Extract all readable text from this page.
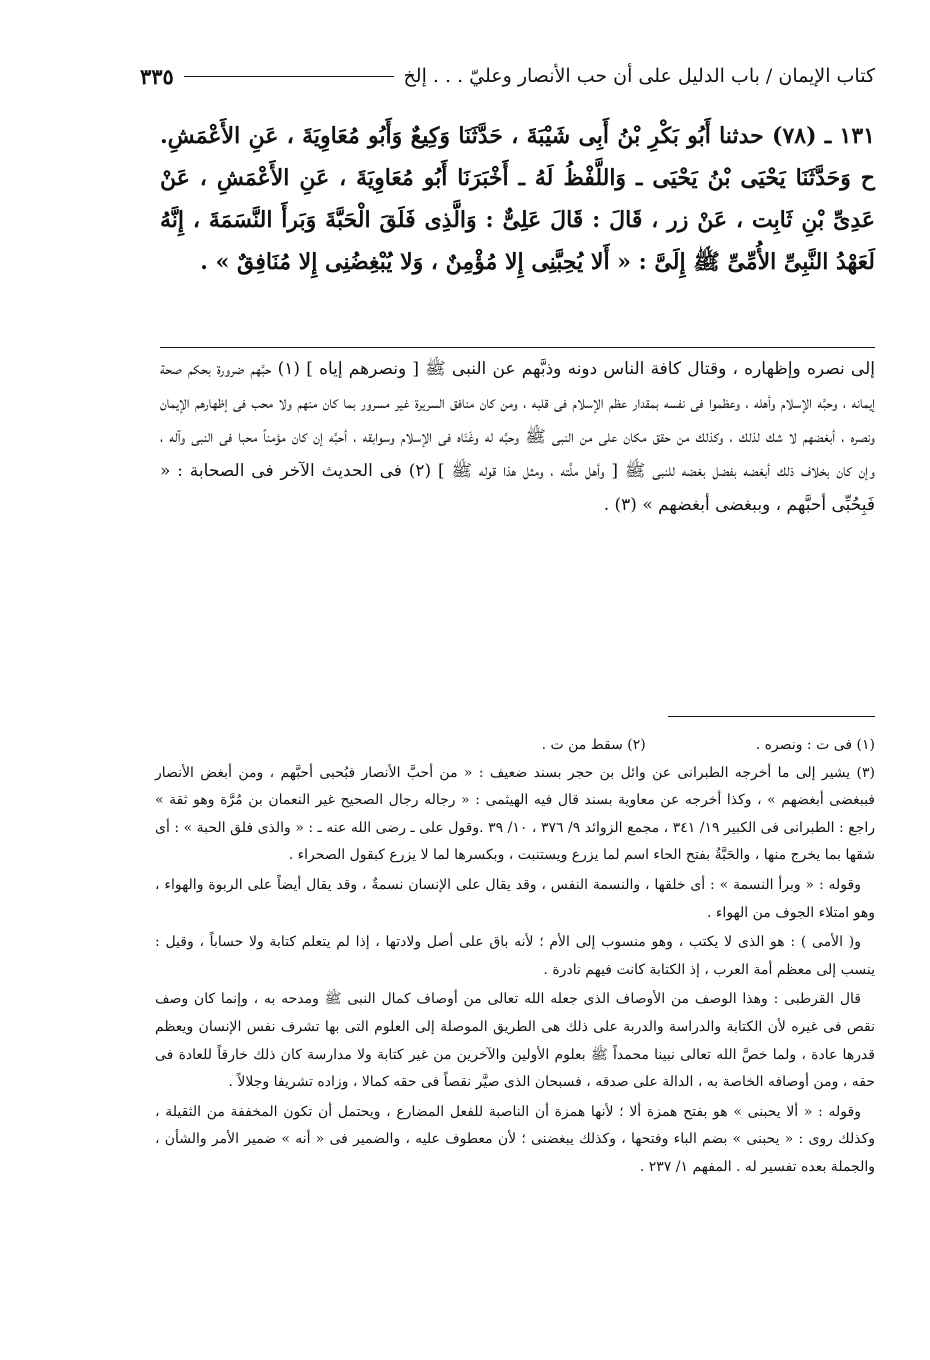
كتاب الإيمان / باب الدليل على أن حب الأنصار وعليّ . . . إلخ
٣٣٥

١٣١ ـ (٧٨) حدثنا أَبُو بَكْرِ بْنُ أَبِى شَيْبَةَ ، حَدَّثَنَا وَكِيعٌ وَأَبُو مُعَاوِيَةَ ، عَنِ الأَعْمَشِ. ح وَحَدَّثَنَا يَحْيَى بْنُ يَحْيَى ـ وَاللَّفْظُ لَهُ ـ أَخْبَرَنَا أَبُو مُعَاوِيَةَ ، عَنِ الأَعْمَشِ ، عَنْ عَدِىِّ بْنِ ثَابِت ، عَنْ زر ، قَالَ : قَالَ عَلِىٌّ : وَالَّذِى فَلَقَ الْحَبَّةَ وَبَرأَ النَّسَمَةَ ، إِنَّهُ لَعَهْدُ النَّبِىِّ الأُمِّىِّ ﷺ إِلَىَّ : « أَلا يُحِبَّنِى إِلا مُؤْمِنٌ ، وَلا يُبْغِضُنِى إِلا مُنَافِقٌ » .

إلى نصره وإظهاره ، وقتال كافة الناس دونه وذبَّهم عن النبى ﷺ [ ونصرهم إياه ] (١) حبَّهم ضرورة بحكم صحة إيمانه ، وحبَّه الإسلام وأهله ، وعظموا فى نفسه بمقدار عظم الإسلام فى قلبه ، ومن كان منافق السريرة غير مسرور بما كان منهم ولا محب فى إظهارهم الإيمان ونصره ، أبغضهم لا شك لذلك ، وكذلك من حقق مكان على من النبى ﷺ وحبَّه له وغَنَاه فى الإسلام وسوابقه ، أحبَّه إن كان مؤمناً محبا فى النبى وآله ، وإن كان بخلاف ذلك أبغضه بفضل بغضه للنبى ﷺ [ وأهل ملَّته ، ومثل هذا قوله ﷺ ] (٢) فى الحديث الآخر فى الصحابة : « فَبِحُبِّى أحبَّهم ، وببغضى أبغضهم » (٣) .

(١) فى ت : ونصره .
(٢) سقط من ت .

(٣) يشير إلى ما أخرجه الطبرانى عن وائل بن حجر بسند ضعيف : « من أحبَّ الأنصار فبُحبى أحبَّهم ، ومن أبغض الأنصار فببغضى أبغضهم » ، وكذا أخرجه عن معاوية بسند قال فيه الهيثمى : « رجاله رجال الصحيح غير النعمان بن مُرَّة وهو ثقة » راجع : الطبرانى فى الكبير ١٩/ ٣٤١ ، مجمع الزوائد ٩/ ٣٧٦ ، ١٠/ ٣٩ .وقول على ـ رضى الله عنه ـ : « والذى فلق الحبة » : أى شقها بما يخرج منها ، والحَبَّةُ بفتح الحاء اسم لما يزرع ويستنبت ، وبكسرها لما لا يزرع كبقول الصحراء .

وقوله : « وبرأ النسمة » : أى خلقها ، والنسمة النفس ، وقد يقال على الإنسان نسمةٌ ، وقد يقال أيضاً على الربوة والهواء ، وهو امتلاء الجوف من الهواء .

و( الأمى ) : هو الذى لا يكتب ، وهو منسوب إلى الأم ؛ لأنه باق على أصل ولادتها ، إذا لم يتعلم كتابة ولا حساباً ، وقيل : ينسب إلى معظم أمة العرب ، إذ الكتابة كانت فيهم نادرة .

قال القرطبى : وهذا الوصف من الأوصاف الذى جعله الله تعالى من أوصاف كمال النبى ﷺ ومدحه به ، وإنما كان وصف نقص فى غيره لأن الكتابة والدراسة والدربة على ذلك هى الطريق الموصلة إلى العلوم التى بها تشرف نفس الإنسان ويعظم قدرها عادة ، ولما خصَّ الله تعالى نبينا محمداً ﷺ بعلوم الأولين والآخرين من غير كتابة ولا مدارسة كان ذلك خارقاً للعادة فى حقه ، ومن أوصافه الخاصة به ، الدالة على صدقه ، فسبحان الذى صيَّر نقصاً فى حقه كمالا ، وزاده تشريفا وجلالاً .

وقوله : « ألا يحبنى » هو بفتح همزة ألا ؛ لأنها همزة أن الناصبة للفعل المضارع ، ويحتمل أن تكون المخففة من الثقيلة ، وكذلك روى : « يحبنى » بضم الباء وفتحها ، وكذلك يبغضنى ؛ لأن معطوف عليه ، والضمير فى « أنه » ضمير الأمر والشأن ، والجملة بعده تفسير له . المفهم ١/ ٢٣٧ .
